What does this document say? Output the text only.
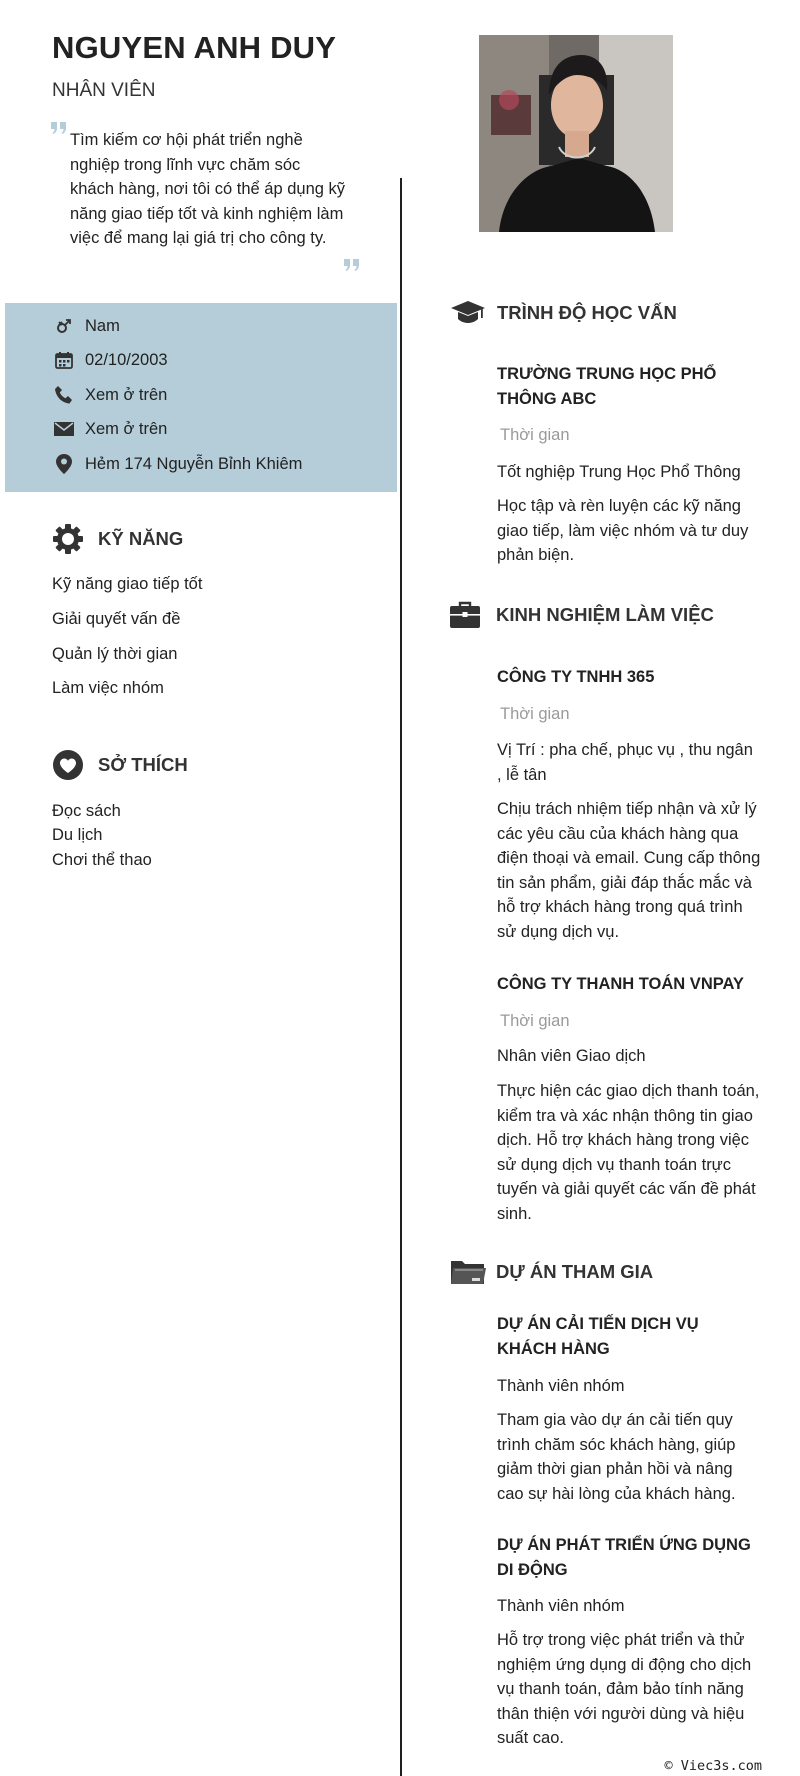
NGUYEN ANH DUY
NHÂN VIÊN
Tìm kiếm cơ hội phát triển nghề nghiệp trong lĩnh vực chăm sóc khách hàng, nơi tôi có thể áp dụng kỹ năng giao tiếp tốt và kinh nghiệm làm việc để mang lại giá trị cho công ty.
Nam
02/10/2003
Xem ở trên
Xem ở trên
Hẻm 174 Nguyễn Bỉnh Khiêm
KỸ NĂNG
Kỹ năng giao tiếp tốt
Giải quyết vấn đề
Quản lý thời gian
Làm việc nhóm
SỞ THÍCH
Đọc sách
Du lịch
Chơi thể thao
TRÌNH ĐỘ HỌC VẤN
TRƯỜNG TRUNG HỌC PHỔ THÔNG ABC
Thời gian
Tốt nghiệp Trung Học Phổ Thông
Học tập và rèn luyện các kỹ năng giao tiếp, làm việc nhóm và tư duy phản biện.
KINH NGHIỆM LÀM VIỆC
CÔNG TY TNHH 365
Thời gian
Vị Trí : pha chế, phục vụ , thu ngân , lễ tân
Chịu trách nhiệm tiếp nhận và xử lý các yêu cầu của khách hàng qua điện thoại và email. Cung cấp thông tin sản phẩm, giải đáp thắc mắc và hỗ trợ khách hàng trong quá trình sử dụng dịch vụ.
CÔNG TY THANH TOÁN VNPAY
Thời gian
Nhân viên Giao dịch
Thực hiện các giao dịch thanh toán, kiểm tra và xác nhận thông tin giao dịch. Hỗ trợ khách hàng trong việc sử dụng dịch vụ thanh toán trực tuyến và giải quyết các vấn đề phát sinh.
DỰ ÁN THAM GIA
DỰ ÁN CẢI TIẾN DỊCH VỤ KHÁCH HÀNG
Thành viên nhóm
Tham gia vào dự án cải tiến quy trình chăm sóc khách hàng, giúp giảm thời gian phản hồi và nâng cao sự hài lòng của khách hàng.
DỰ ÁN PHÁT TRIỂN ỨNG DỤNG DI ĐỘNG
Thành viên nhóm
Hỗ trợ trong việc phát triển và thử nghiệm ứng dụng di động cho dịch vụ thanh toán, đảm bảo tính năng thân thiện với người dùng và hiệu suất cao.
© Viec3s.com
